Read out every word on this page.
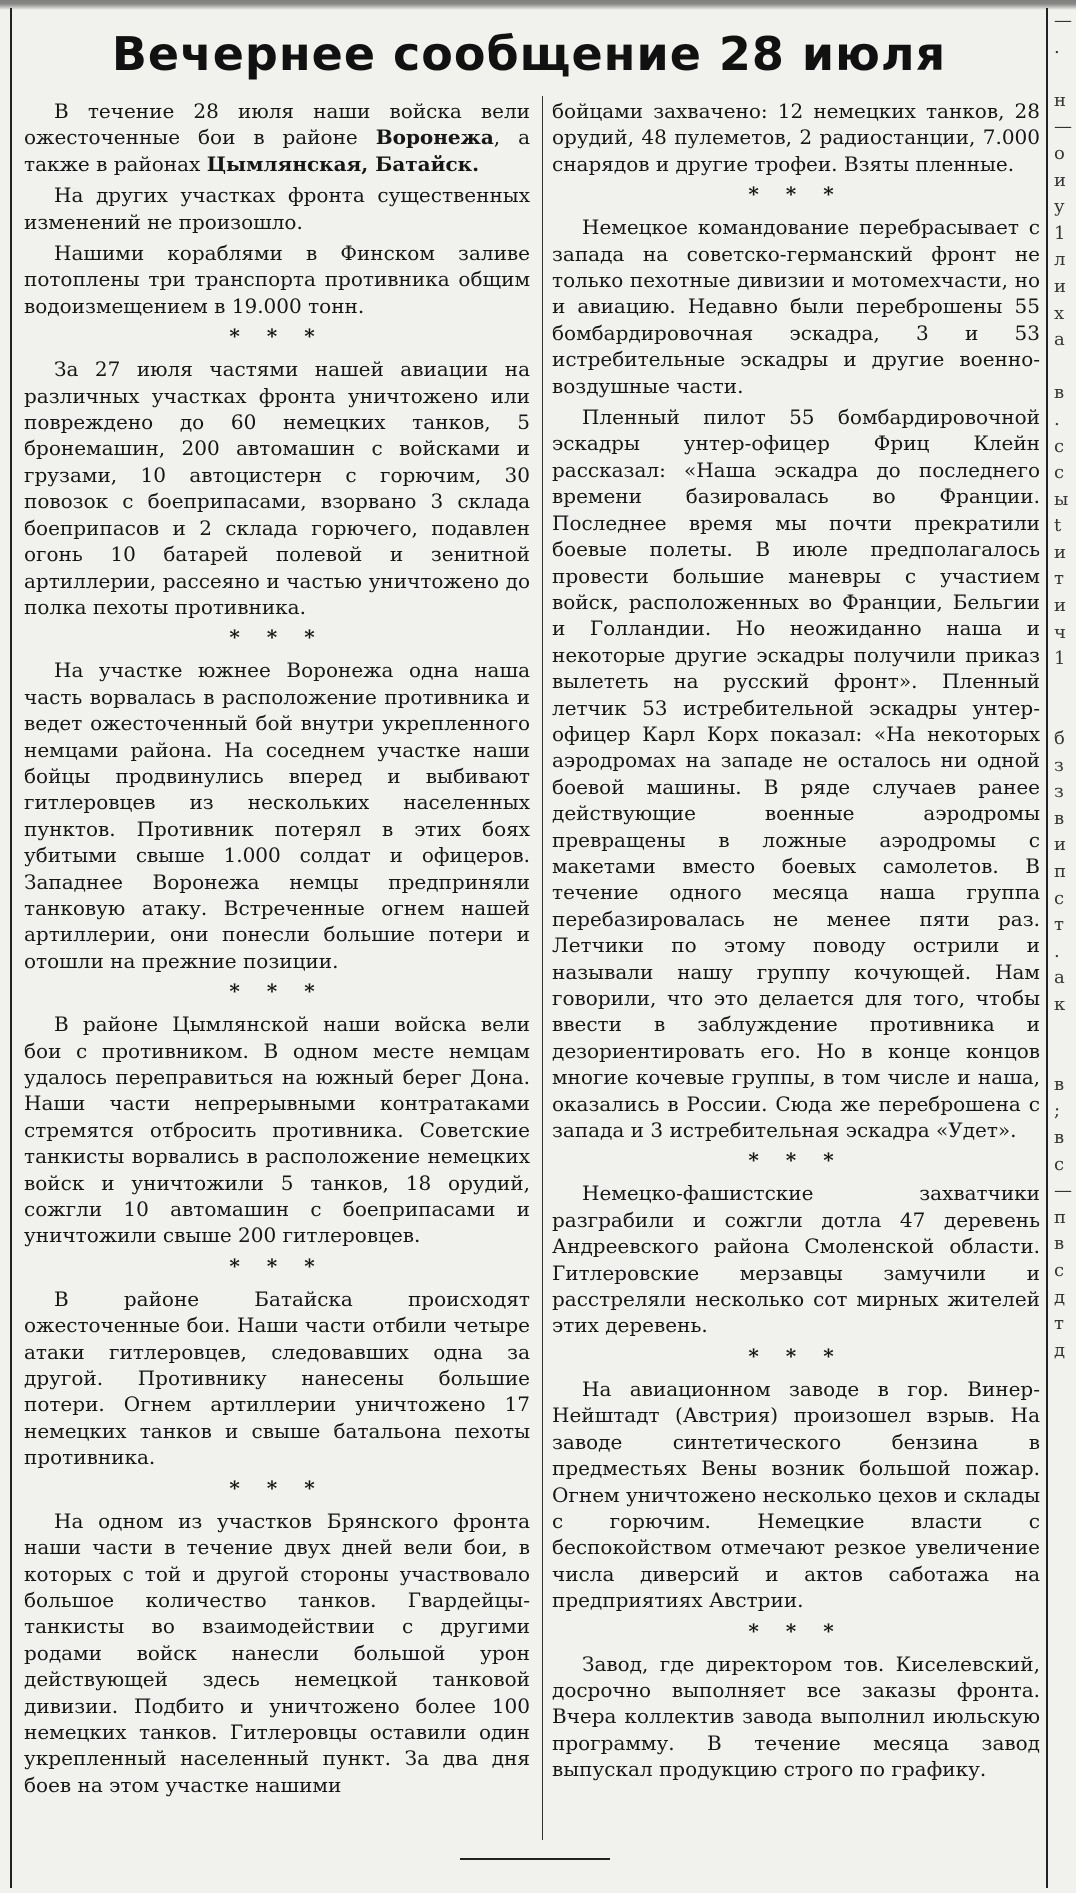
Вечернее сообщение 28 июля

В течение 28 июля наши войска вели ожесточенные бои в районе Воронежа, а также в районах Цымлянская, Батайск.

На других участках фронта существенных изменений не произошло.

Нашими кораблями в Финском заливе потоплены три транспорта противника общим водоизмещением в 19.000 тонн.

* * *

За 27 июля частями нашей авиации на различных участках фронта уничтожено или повреждено до 60 немецких танков, 5 бронемашин, 200 автомашин с войсками и грузами, 10 автоцистерн с горючим, 30 повозок с боеприпасами, взорвано 3 склада боеприпасов и 2 склада горючего, подавлен огонь 10 батарей полевой и зенитной артиллерии, рассеяно и частью уничтожено до полка пехоты противника.

* * *

На участке южнее Воронежа одна наша часть ворвалась в расположение противника и ведет ожесточенный бой внутри укрепленного немцами района. На соседнем участке наши бойцы продвинулись вперед и выбивают гитлеровцев из нескольких населенных пунктов. Противник потерял в этих боях убитыми свыше 1.000 солдат и офицеров. Западнее Воронежа немцы предприняли танковую атаку. Встреченные огнем нашей артиллерии, они понесли большие потери и отошли на прежние позиции.

* * *

В районе Цымлянской наши войска вели бои с противником. В одном месте немцам удалось переправиться на южный берег Дона. Наши части непрерывными контратаками стремятся отбросить противника. Советские танкисты ворвались в расположение немецких войск и уничтожили 5 танков, 18 орудий, сожгли 10 автомашин с боеприпасами и уничтожили свыше 200 гитлеровцев.

* * *

В районе Батайска происходят ожесточенные бои. Наши части отбили четыре атаки гитлеровцев, следовавших одна за другой. Противнику нанесены большие потери. Огнем артиллерии уничтожено 17 немецких танков и свыше батальона пехоты противника.

* * *

На одном из участков Брянского фронта наши части в течение двух дней вели бои, в которых с той и другой стороны участвовало большое количество танков. Гвардейцы-танкисты во взаимодействии с другими родами войск нанесли большой урон действующей здесь немецкой танковой дивизии. Подбито и уничтожено более 100 немецких танков. Гитлеровцы оставили один укрепленный населенный пункт. За два дня боев на этом участке нашими

бойцами захвачено: 12 немецких танков, 28 орудий, 48 пулеметов, 2 радиостанции, 7.000 снарядов и другие трофеи. Взяты пленные.

* * *

Немецкое командование перебрасывает с запада на советско-германский фронт не только пехотные дивизии и мотомехчасти, но и авиацию. Недавно были переброшены 55 бомбардировочная эскадра, 3 и 53 истребительные эскадры и другие военно-воздушные части.

Пленный пилот 55 бомбардировочной эскадры унтер-офицер Фриц Клейн рассказал: «Наша эскадра до последнего времени базировалась во Франции. Последнее время мы почти прекратили боевые полеты. В июле предполагалось провести большие маневры с участием войск, расположенных во Франции, Бельгии и Голландии. Но неожиданно наша и некоторые другие эскадры получили приказ вылететь на русский фронт». Пленный летчик 53 истребительной эскадры унтер-офицер Карл Корх показал: «На некоторых аэродромах на западе не осталось ни одной боевой машины. В ряде случаев ранее действующие военные аэродромы превращены в ложные аэродромы с макетами вместо боевых самолетов. В течение одного месяца наша группа перебазировалась не менее пяти раз. Летчики по этому поводу острили и называли нашу группу кочующей. Нам говорили, что это делается для того, чтобы ввести в заблуждение противника и дезориентировать его. Но в конце концов многие кочевые группы, в том числе и наша, оказались в России. Сюда же переброшена с запада и 3 истребительная эскадра «Удет».

* * *

Немецко-фашистские захватчики разграбили и сожгли дотла 47 деревень Андреевского района Смоленской области. Гитлеровские мерзавцы замучили и расстреляли несколько сот мирных жителей этих деревень.

* * *

На авиационном заводе в гор. Винер-Нейштадт (Австрия) произошел взрыв. На заводе синтетического бензина в предместьях Вены возник большой пожар. Огнем уничтожено несколько цехов и склады с горючим. Немецкие власти с беспокойством отмечают резкое увеличение числа диверсий и актов саботажа на предприятиях Австрии.

* * *

Завод, где директором тов. Киселевский, досрочно выполняет все заказы фронта. Вчера коллектив завода выполнил июльскую программу. В течение месяца завод выпускал продукцию строго по графику.

—
.

н
—
о
и
у
1
л
и
х
а

в
.
с
с
ы
t
и
т
и
ч
1

б
з
з
в
и
п
с
т
.
а
к

в
;
в
с
—
п
в
с
д
т
д
